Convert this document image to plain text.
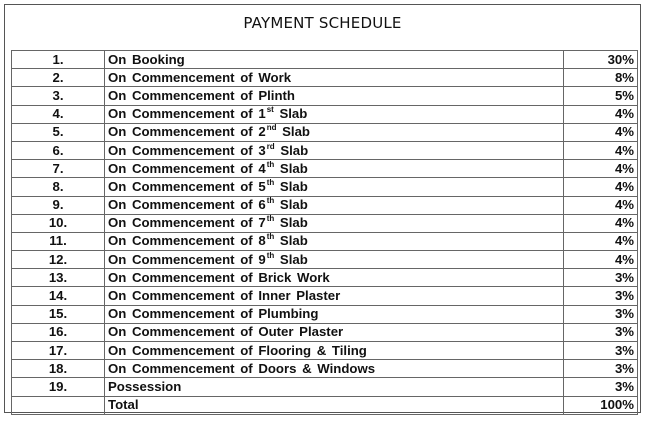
PAYMENT SCHEDULE
1.	On Booking	30%
2.	On Commencement of Work	8%
3.	On Commencement of Plinth	5%
4.	On Commencement of 1st Slab	4%
5.	On Commencement of 2nd Slab	4%
6.	On Commencement of 3rd Slab	4%
7.	On Commencement of 4th Slab	4%
8.	On Commencement of 5th Slab	4%
9.	On Commencement of 6th Slab	4%
10.	On Commencement of 7th Slab	4%
11.	On Commencement of 8th Slab	4%
12.	On Commencement of 9th Slab	4%
13.	On Commencement of Brick Work	3%
14.	On Commencement of Inner Plaster	3%
15.	On Commencement of Plumbing	3%
16.	On Commencement of Outer Plaster	3%
17.	On Commencement of Flooring & Tiling	3%
18.	On Commencement of Doors & Windows	3%
19.	Possession	3%
	Total	100%
